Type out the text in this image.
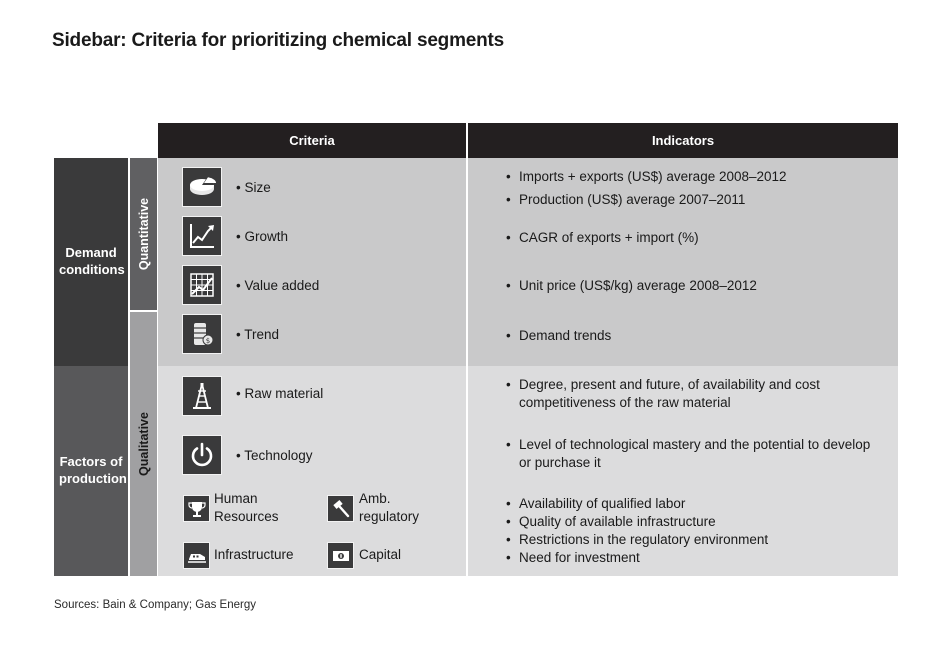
Sidebar: Criteria for prioritizing chemical segments
Criteria	Indicators
Demand conditions
Factors of production
Quantitative
Qualitative
• Size
• Growth
• Value added
$ • Trend
• Raw material
• Technology
Human Resources
Amb. regulatory
Infrastructure	Capital
• Imports + exports (US$) average 2008–2012
• Production (US$) average 2007–2011
• CAGR of exports + import (%)
• Unit price (US$/kg) average 2008–2012
• Demand trends
• Degree, present and future, of availability and cost competitiveness of the raw material
• Level of technological mastery and the potential to develop or purchase it
• Availability of qualified labor
• Quality of available infrastructure
• Restrictions in the regulatory environment
• Need for investment
Sources: Bain & Company; Gas Energy
